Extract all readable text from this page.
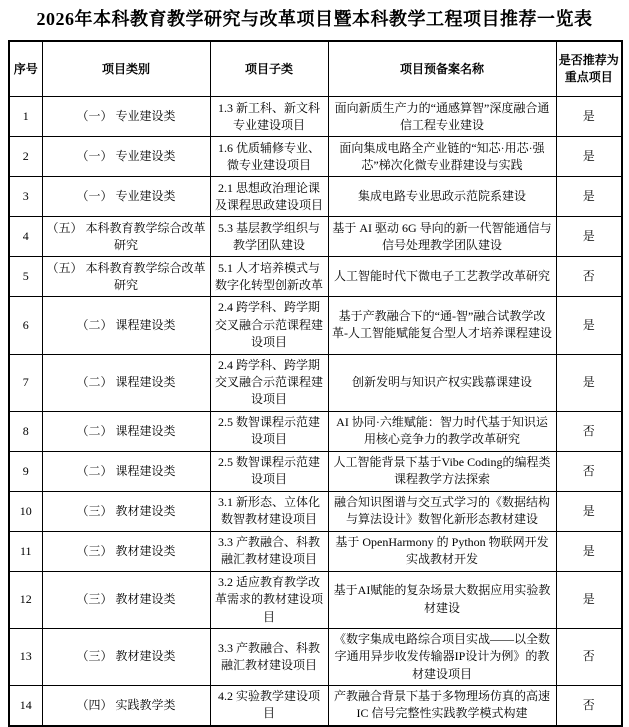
2026年本科教育教学研究与改革项目暨本科教学工程项目推荐一览表
序号	项目类别	项目子类	项目预备案名称	是否推荐为重点项目
1	（一） 专业建设类	1.3 新工科、新文科专业建设项目	面向新质生产力的“通感算智”深度融合通信工程专业建设	是
2	（一） 专业建设类	1.6 优质辅修专业、微专业建设项目	面向集成电路全产业链的“知芯·用芯·强芯”梯次化微专业群建设与实践	是
3	（一） 专业建设类	2.1 思想政治理论课及课程思政建设项目	集成电路专业思政示范院系建设	是
4	（五） 本科教育教学综合改革研究	5.3 基层教学组织与教学团队建设	基于 AI 驱动 6G 导向的新一代智能通信与信号处理教学团队建设	是
5	（五） 本科教育教学综合改革研究	5.1 人才培养模式与数字化转型创新改革	人工智能时代下微电子工艺教学改革研究	否
6	（二） 课程建设类	2.4 跨学科、跨学期交叉融合示范课程建设项目	基于产教融合下的“通-智”融合试教学改革-人工智能赋能复合型人才培养课程建设	是
7	（二） 课程建设类	2.4 跨学科、跨学期交叉融合示范课程建设项目	创新发明与知识产权实践慕课建设	是
8	（二） 课程建设类	2.5 数智课程示范建设项目	AI 协同·六维赋能：智力时代基于知识运用核心竞争力的教学改革研究	否
9	（二） 课程建设类	2.5 数智课程示范建设项目	人工智能背景下基于Vibe Coding的编程类课程教学方法探索	否
10	（三） 教材建设类	3.1 新形态、立体化数智教材建设项目	融合知识图谱与交互式学习的《数据结构与算法设计》数智化新形态教材建设	是
11	（三） 教材建设类	3.3 产教融合、科教融汇教材建设项目	基于 OpenHarmony 的 Python 物联网开发实战教材开发	是
12	（三） 教材建设类	3.2 适应教育教学改革需求的教材建设项目	基于AI赋能的复杂场景大数据应用实验教材建设	是
13	（三） 教材建设类	3.3 产教融合、科教融汇教材建设项目	《数字集成电路综合项目实战——以全数字通用异步收发传输器IP设计为例》的教材建设项目	否
14	（四） 实践教学类	4.2 实验教学建设项目	产教融合背景下基于多物理场仿真的高速 IC 信号完整性实践教学模式构建	否
